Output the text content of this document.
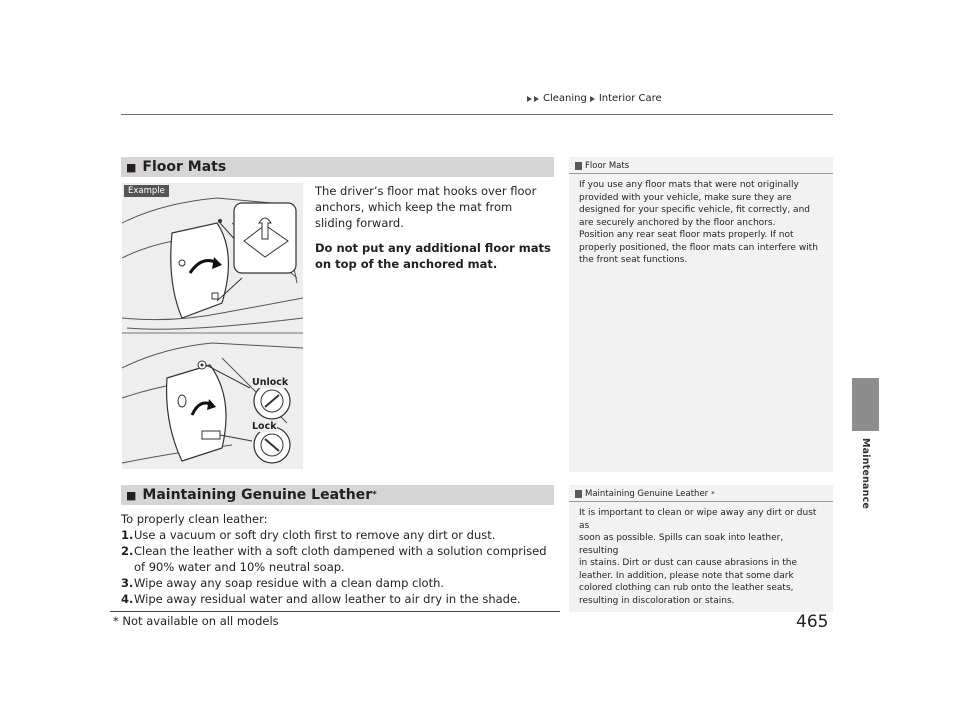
Cleaning Interior Care
Maintenance
■ Floor Mats
Example
Unlock
Lock

The driver’s floor mat hooks over floor anchors, which keep the mat from sliding forward.

Do not put any additional floor mats on top of the anchored mat.

Floor Mats
If you use any floor mats that were not originally
provided with your vehicle, make sure they are
designed for your specific vehicle, fit correctly, and
are securely anchored by the floor anchors.
Position any rear seat floor mats properly. If not
properly positioned, the floor mats can interfere with
the front seat functions.
■ Maintaining Genuine Leather *
To properly clean leather:
1. Use a vacuum or soft dry cloth first to remove any dirt or dust.
2. Clean the leather with a soft cloth dampened with a solution comprised of 90% water and 10% neutral soap.
3. Wipe away any soap residue with a clean damp cloth.
4. Wipe away residual water and allow leather to air dry in the shade.
Maintaining Genuine Leather *
It is important to clean or wipe away any dirt or dust as
soon as possible. Spills can soak into leather, resulting
in stains. Dirt or dust can cause abrasions in the
leather. In addition, please note that some dark
colored clothing can rub onto the leather seats,
resulting in discoloration or stains.
* Not available on all models	465
